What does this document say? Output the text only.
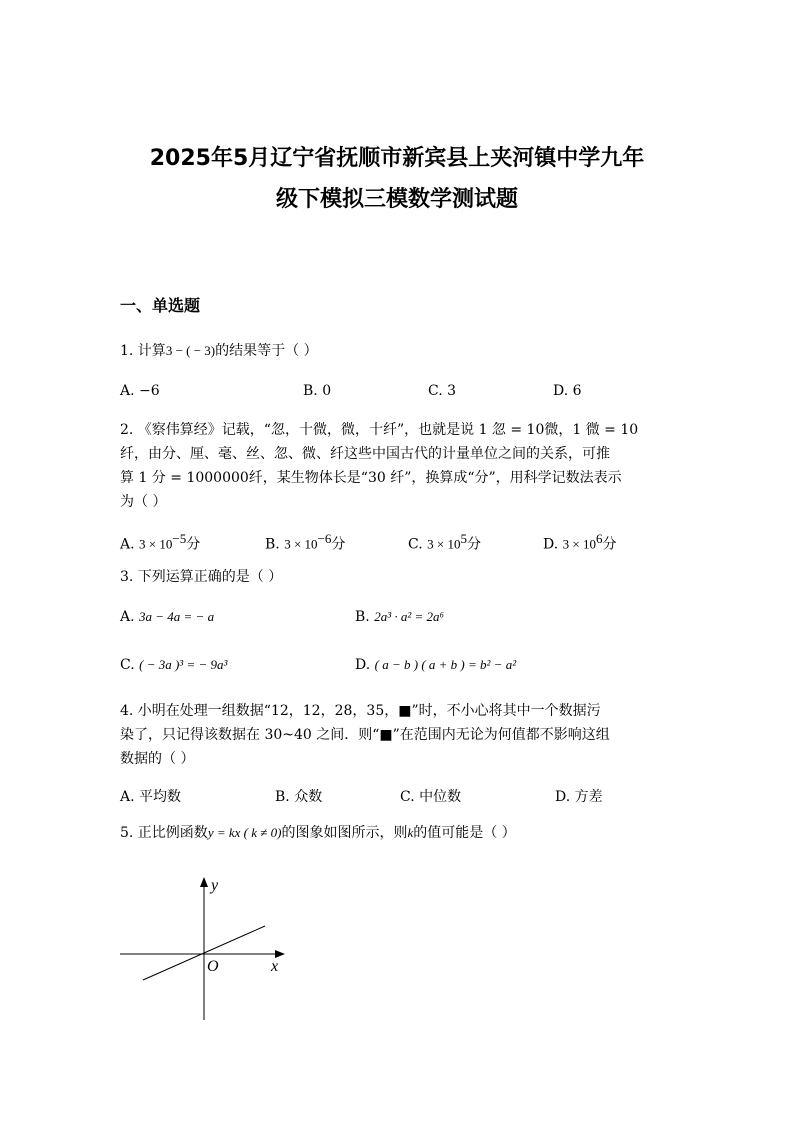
2025年5月辽宁省抚顺市新宾县上夹河镇中学九年
级下模拟三模数学测试题
一、单选题
1. 计算3 − ( − 3)的结果等于（ ）
A. −6	B. 0	C. 3	D. 6
2. 《察伟算经》记载，“忽，十微，微，十纤”，也就是说 1 忽 = 10微，1 微 = 10
纤，由分、厘、毫、丝、忽、微、纤这些中国古代的计量单位之间的关系，可推
算 1 分 = 1000000纤，某生物体长是“30 纤”，换算成“分”，用科学记数法表示
为（ ）
A. $3 \times 10^{-5}$分	B. $3 \times 10^{-6}$分	C. $3 \times 10^5$分	D. $3 \times 10^6$分
3. 下列运算正确的是（ ）
A. 3a − 4a = − a	B. 2a³ · a² = 2a⁶
C. ( − 3a )³ = − 9a³	D. ( a − b ) ( a + b ) = b² − a²
4. 小明在处理一组数据“12，12，28，35，■”时，不小心将其中一个数据污
染了，只记得该数据在 30~40 之间．则“■”在范围内无论为何值都不影响这组
数据的（ ）
A. 平均数	B. 众数	C. 中位数	D. 方差
5. 正比例函数y = kx ( k ≠ 0)的图象如图所示，则k的值可能是（ ）
y
x
O
